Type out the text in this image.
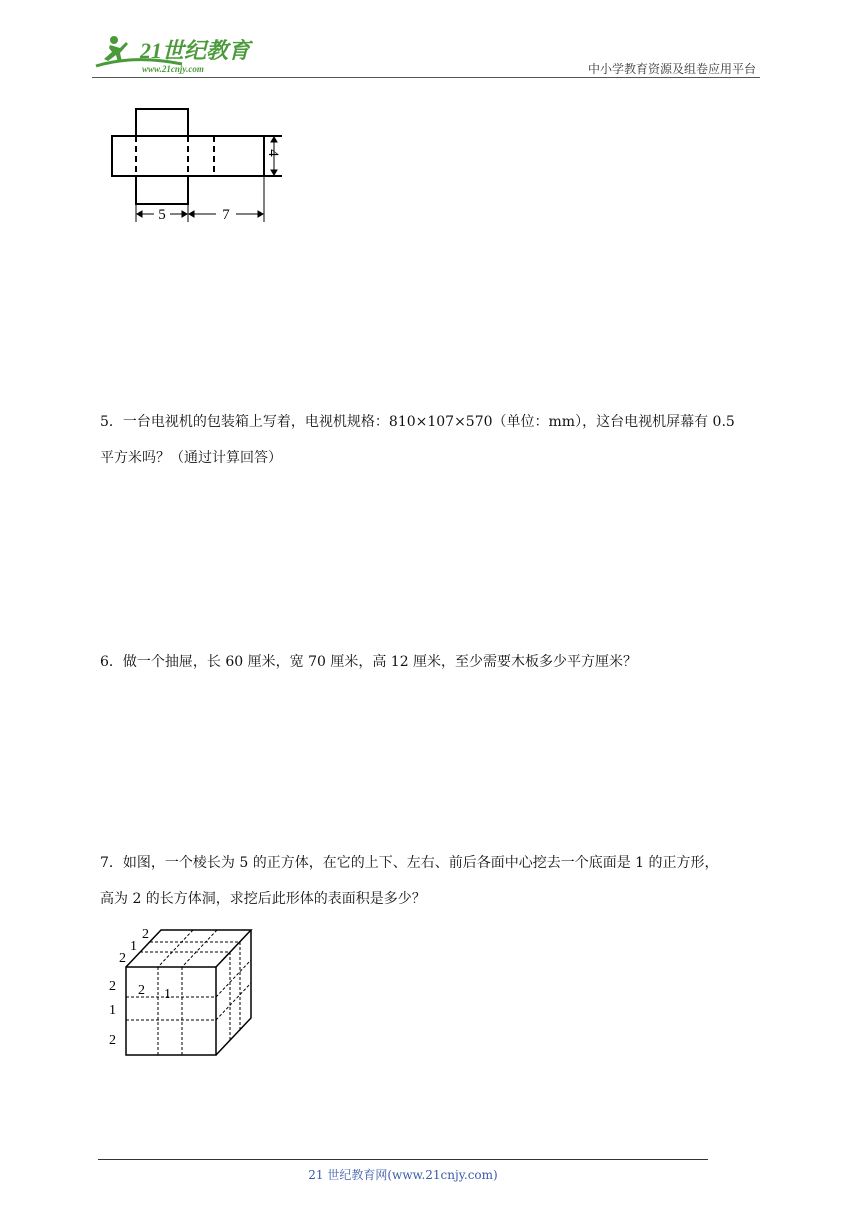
21世纪教育
www.21cnjy.com	中小学教育资源及组卷应用平台
4
5	7
5．一台电视机的包装箱上写着，电视机规格：810×107×570（单位：mm），这台电视机屏幕有 0.5
平方米吗？（通过计算回答）
6．做一个抽屉，长 60 厘米，宽 70 厘米，高 12 厘米，至少需要木板多少平方厘米？
7．如图，一个棱长为 5 的正方体，在它的上下、左右、前后各面中心挖去一个底面是 1 的正方形，
高为 2 的长方体洞，求挖后此形体的表面积是多少？
2
1
2
2
1
2
2 1
21 世纪教育网(www.21cnjy.com)
